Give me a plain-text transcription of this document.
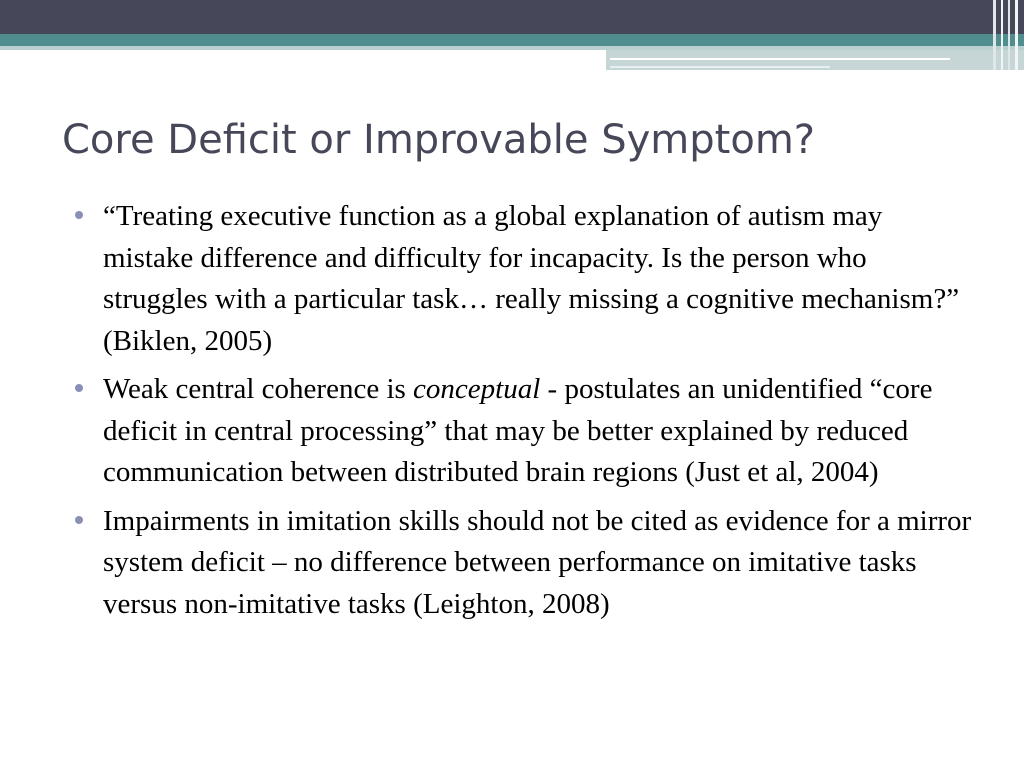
Core Deficit or Improvable Symptom?
“Treating executive function as a global explanation of autism may mistake difference and difficulty for incapacity. Is the person who struggles with a particular task… really missing a cognitive mechanism?” (Biklen, 2005)
Weak central coherence is conceptual - postulates an unidentified “core deficit in central processing” that may be better explained by reduced communication between distributed brain regions (Just et al, 2004)
Impairments in imitation skills should not be cited as evidence for a mirror system deficit – no difference between performance on imitative tasks versus non-imitative tasks (Leighton, 2008)
